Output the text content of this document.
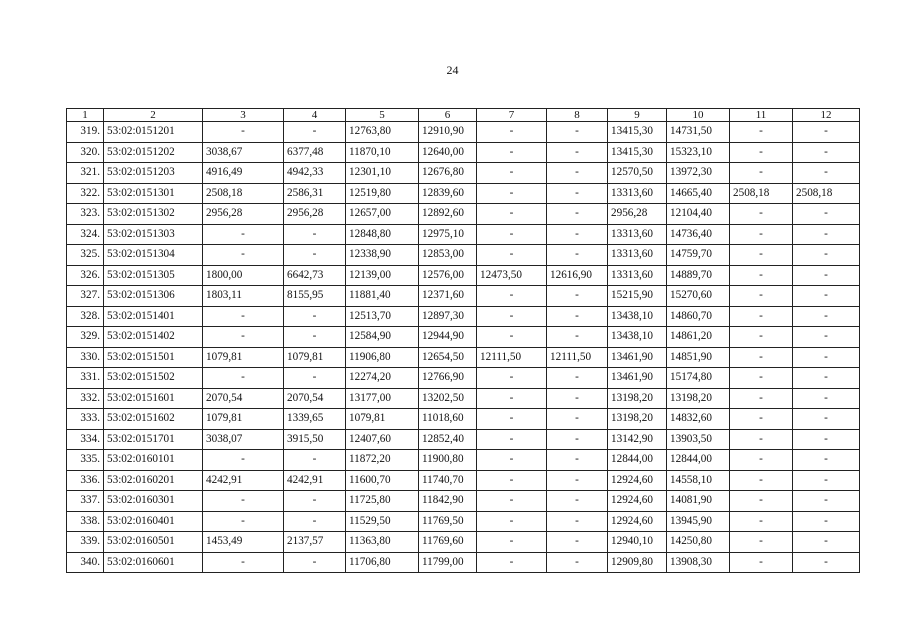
24
1	2	3	4	5	6	7	8	9	10	11	12
319.	53:02:0151201	-	-	12763,80	12910,90	-	-	13415,30	14731,50	-	-
320.	53:02:0151202	3038,67	6377,48	11870,10	12640,00	-	-	13415,30	15323,10	-	-
321.	53:02:0151203	4916,49	4942,33	12301,10	12676,80	-	-	12570,50	13972,30	-	-
322.	53:02:0151301	2508,18	2586,31	12519,80	12839,60	-	-	13313,60	14665,40	2508,18	2508,18
323.	53:02:0151302	2956,28	2956,28	12657,00	12892,60	-	-	2956,28	12104,40	-	-
324.	53:02:0151303	-	-	12848,80	12975,10	-	-	13313,60	14736,40	-	-
325.	53:02:0151304	-	-	12338,90	12853,00	-	-	13313,60	14759,70	-	-
326.	53:02:0151305	1800,00	6642,73	12139,00	12576,00	12473,50	12616,90	13313,60	14889,70	-	-
327.	53:02:0151306	1803,11	8155,95	11881,40	12371,60	-	-	15215,90	15270,60	-	-
328.	53:02:0151401	-	-	12513,70	12897,30	-	-	13438,10	14860,70	-	-
329.	53:02:0151402	-	-	12584,90	12944,90	-	-	13438,10	14861,20	-	-
330.	53:02:0151501	1079,81	1079,81	11906,80	12654,50	12111,50	12111,50	13461,90	14851,90	-	-
331.	53:02:0151502	-	-	12274,20	12766,90	-	-	13461,90	15174,80	-	-
332.	53:02:0151601	2070,54	2070,54	13177,00	13202,50	-	-	13198,20	13198,20	-	-
333.	53:02:0151602	1079,81	1339,65	1079,81	11018,60	-	-	13198,20	14832,60	-	-
334.	53:02:0151701	3038,07	3915,50	12407,60	12852,40	-	-	13142,90	13903,50	-	-
335.	53:02:0160101	-	-	11872,20	11900,80	-	-	12844,00	12844,00	-	-
336.	53:02:0160201	4242,91	4242,91	11600,70	11740,70	-	-	12924,60	14558,10	-	-
337.	53:02:0160301	-	-	11725,80	11842,90	-	-	12924,60	14081,90	-	-
338.	53:02:0160401	-	-	11529,50	11769,50	-	-	12924,60	13945,90	-	-
339.	53:02:0160501	1453,49	2137,57	11363,80	11769,60	-	-	12940,10	14250,80	-	-
340.	53:02:0160601	-	-	11706,80	11799,00	-	-	12909,80	13908,30	-	-
